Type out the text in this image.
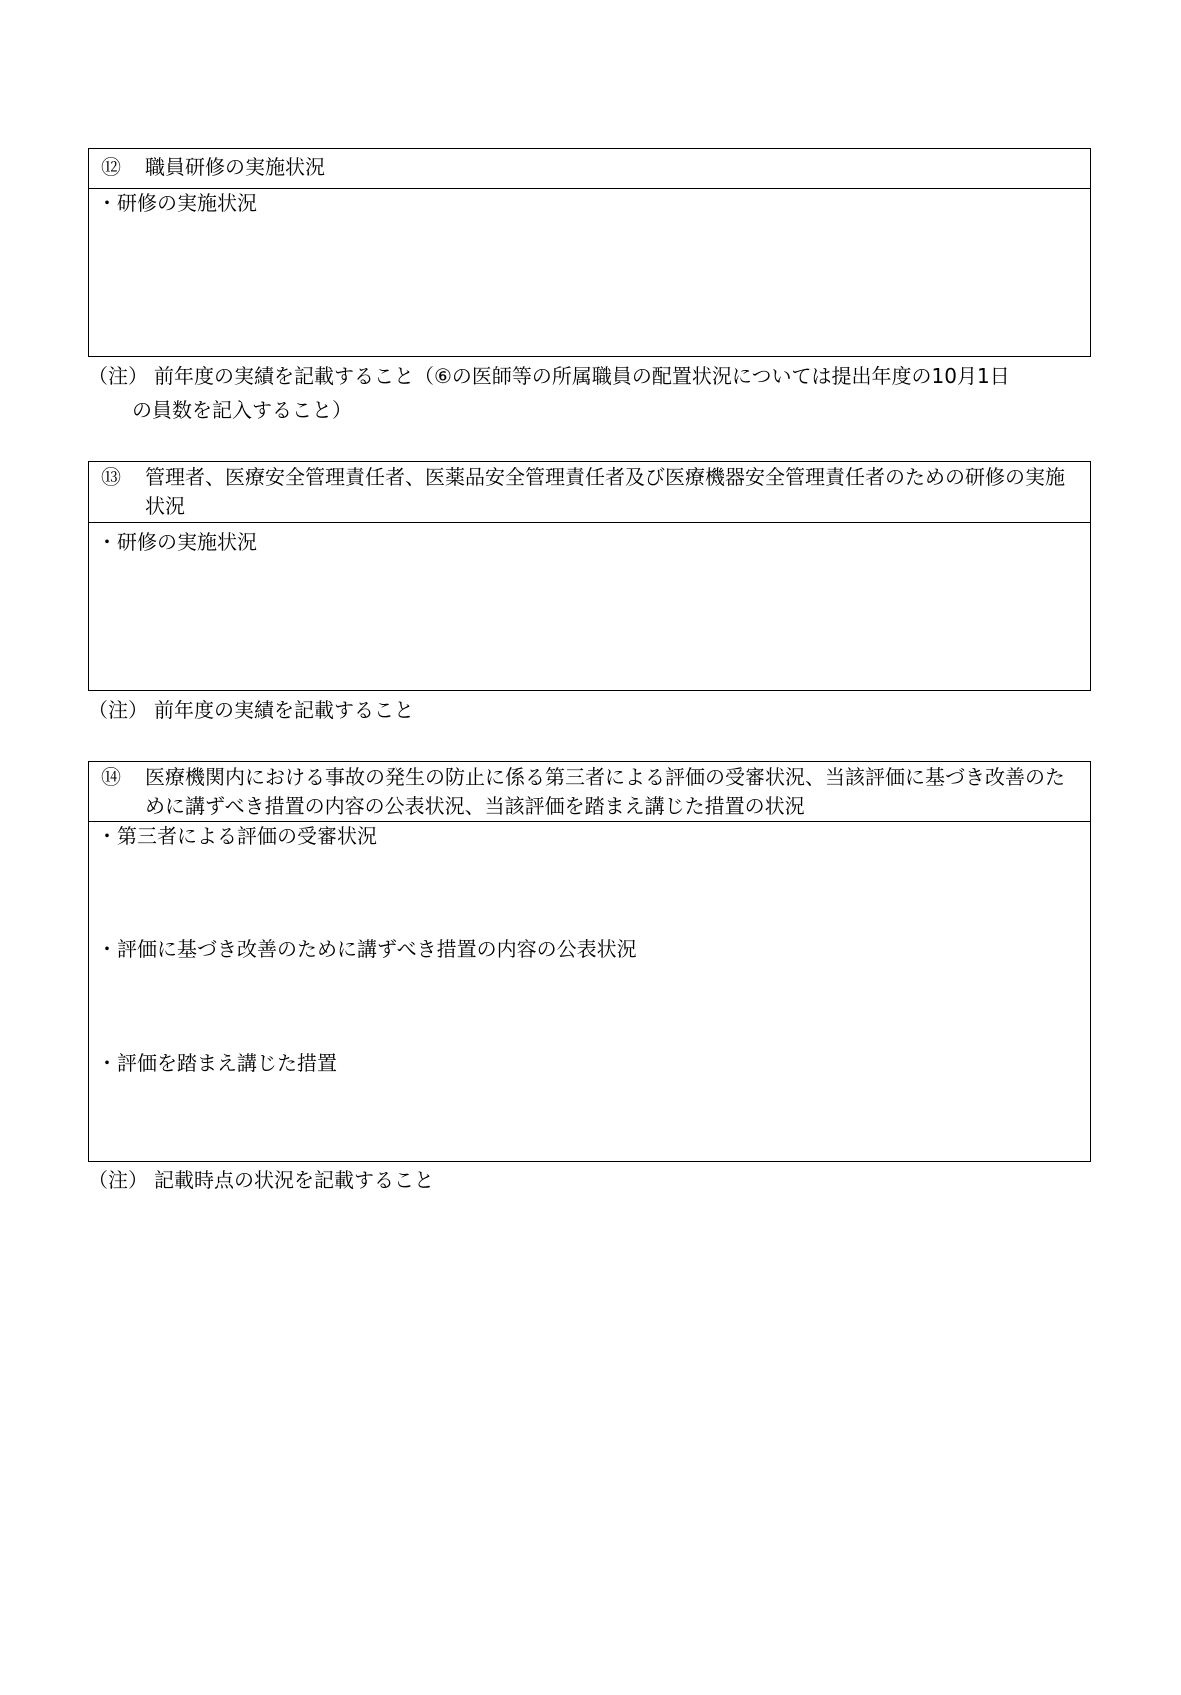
⑫ 職員研修の実施状況
・研修の実施状況
（注） 前年度の実績を記載すること（⑥の医師等の所属職員の配置状況については提出年度の10月1日
の員数を記入すること）
⑬ 管理者、医療安全管理責任者、医薬品安全管理責任者及び医療機器安全管理責任者のための研修の実施状況
・研修の実施状況
（注） 前年度の実績を記載すること
⑭ 医療機関内における事故の発生の防止に係る第三者による評価の受審状況、当該評価に基づき改善のために講ずべき措置の内容の公表状況、当該評価を踏まえ講じた措置の状況
・第三者による評価の受審状況
・評価に基づき改善のために講ずべき措置の内容の公表状況
・評価を踏まえ講じた措置
（注） 記載時点の状況を記載すること
